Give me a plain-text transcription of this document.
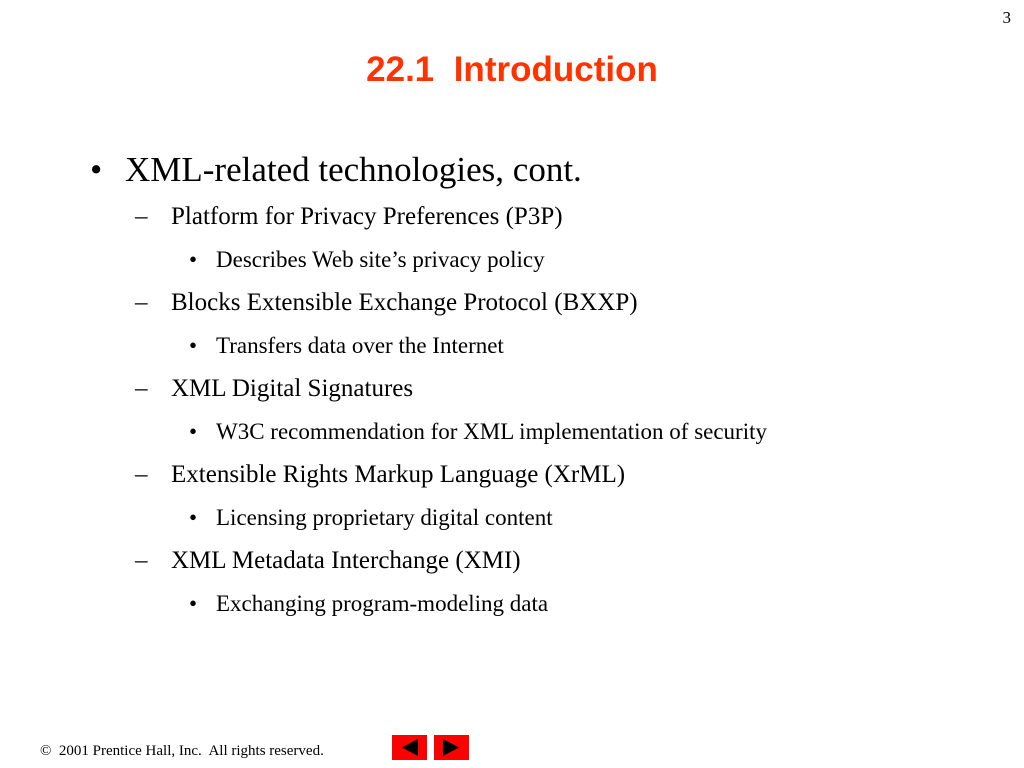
3
22.1  Introduction
• XML-related technologies, cont.
– Platform for Privacy Preferences (P3P)
• Describes Web site’s privacy policy
– Blocks Extensible Exchange Protocol (BXXP)
• Transfers data over the Internet
– XML Digital Signatures
• W3C recommendation for XML implementation of security
– Extensible Rights Markup Language (XrML)
• Licensing proprietary digital content
– XML Metadata Interchange (XMI)
• Exchanging program-modeling data
©  2001 Prentice Hall, Inc.  All rights reserved.
